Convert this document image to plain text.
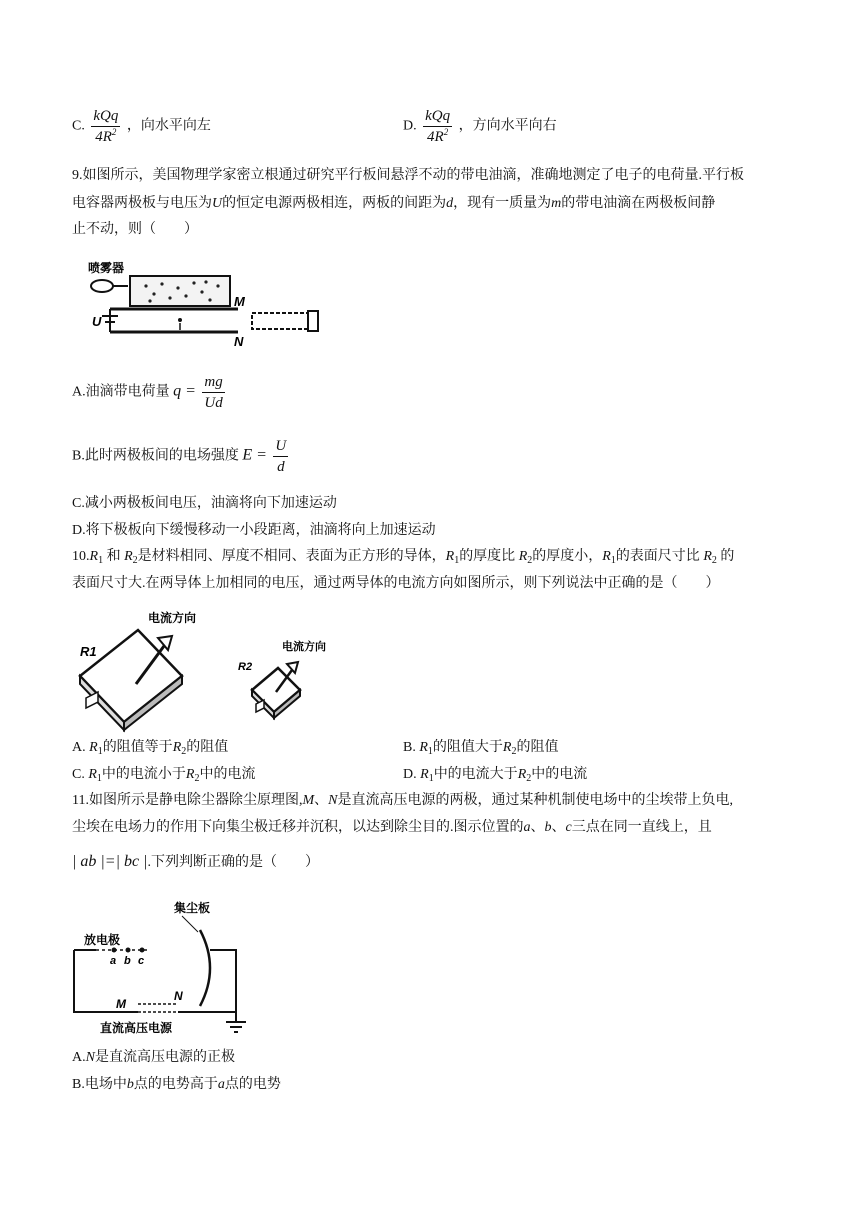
C. $\frac{\text{kQq}}{4R^2}$ ，向水平向左	D. $\frac{\text{kQq}}{4R^2}$ ，方向水平向右
9.如图所示，美国物理学家密立根通过研究平行板间悬浮不动的带电油滴，准确地测定了电子的电荷量.平行板
电容器两极板与电压为U的恒定电源两极相连，两板的间距为d，现有一质量为m的带电油滴在两极板间静
止不动，则（　　）
喷雾器
U
M
N
A.油滴带电荷量 $q = \frac{mg}{Ud}$
B.此时两极板间的电场强度 $E = \frac{U}{d}$
C.减小两极板间电压，油滴将向下加速运动
D.将下极板向下缓慢移动一小段距离，油滴将向上加速运动
$10.R_1$ 和 $R_2$是材料相同、厚度不相同、表面为正方形的导体，$R_1$的厚度比 $R_2$的厚度小，$R_1$的表面尺寸比 $R_2$ 的
表面尺寸大.在两导体上加相同的电压，通过两导体的电流方向如图所示，则下列说法中正确的是（　　）
R1
电流方向
R2
电流方向
A. $R_1$的阻值等于$R_2$的阻值	B. $R_1$的阻值大于$R_2$的阻值
C. $R_1$中的电流小于$R_2$中的电流	D. $R_1$中的电流大于$R_2$中的电流
11.如图所示是静电除尘器除尘原理图,M、N是直流高压电源的两极，通过某种机制使电场中的尘埃带上负电,
尘埃在电场力的作用下向集尘极迁移并沉积，以达到除尘目的.图示位置的a、b、c三点在同一直线上，且
| ab |=| bc |.下列判断正确的是（　　）
集尘板
放电极
a b c
M
N
直流高压电源
A.N是直流高压电源的正极
B.电场中b点的电势高于a点的电势
